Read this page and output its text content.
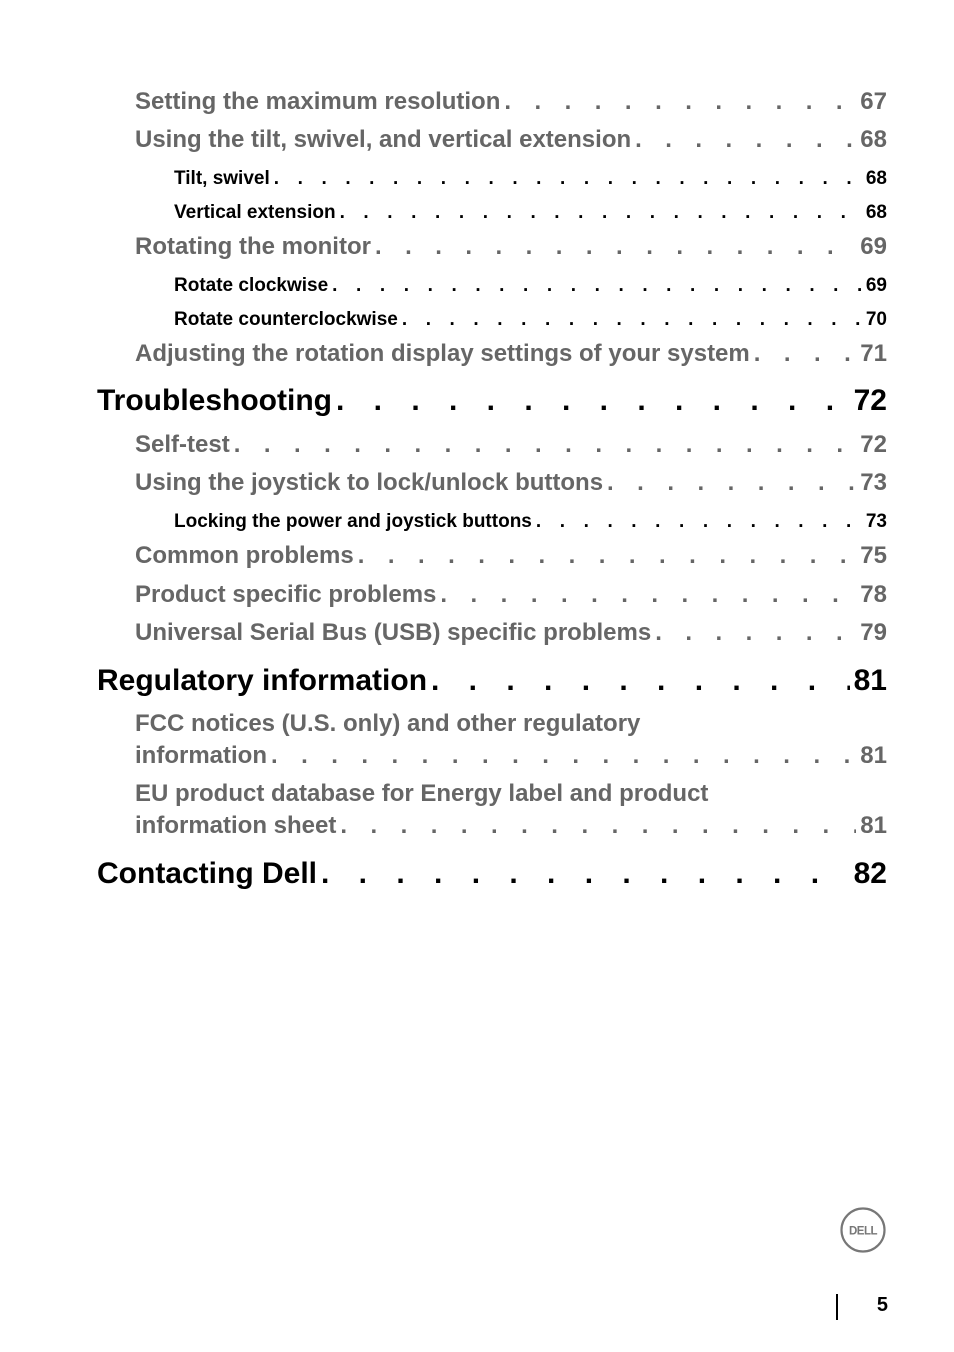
Setting the maximum resolution . . .	67
Using the tilt, swivel, and vertical extension . . .	68
Tilt, swivel . . .	68
Vertical extension . . .	68
Rotating the monitor . . .	69
Rotate clockwise . . .	69
Rotate counterclockwise . . .	70
Adjusting the rotation display settings of your system . . .	71
Troubleshooting . . .	72
Self-test . . .	72
Using the joystick to lock/unlock buttons . . .	73
Locking the power and joystick buttons . . .	73
Common problems . . .	75
Product specific problems . . .	78
Universal Serial Bus (USB) specific problems . . .	79
Regulatory information . . .	81
FCC notices (U.S. only) and other regulatory
information . . .	81
EU product database for Energy label and product
information sheet . . .	81
Contacting Dell . . .	82
DELL
5
